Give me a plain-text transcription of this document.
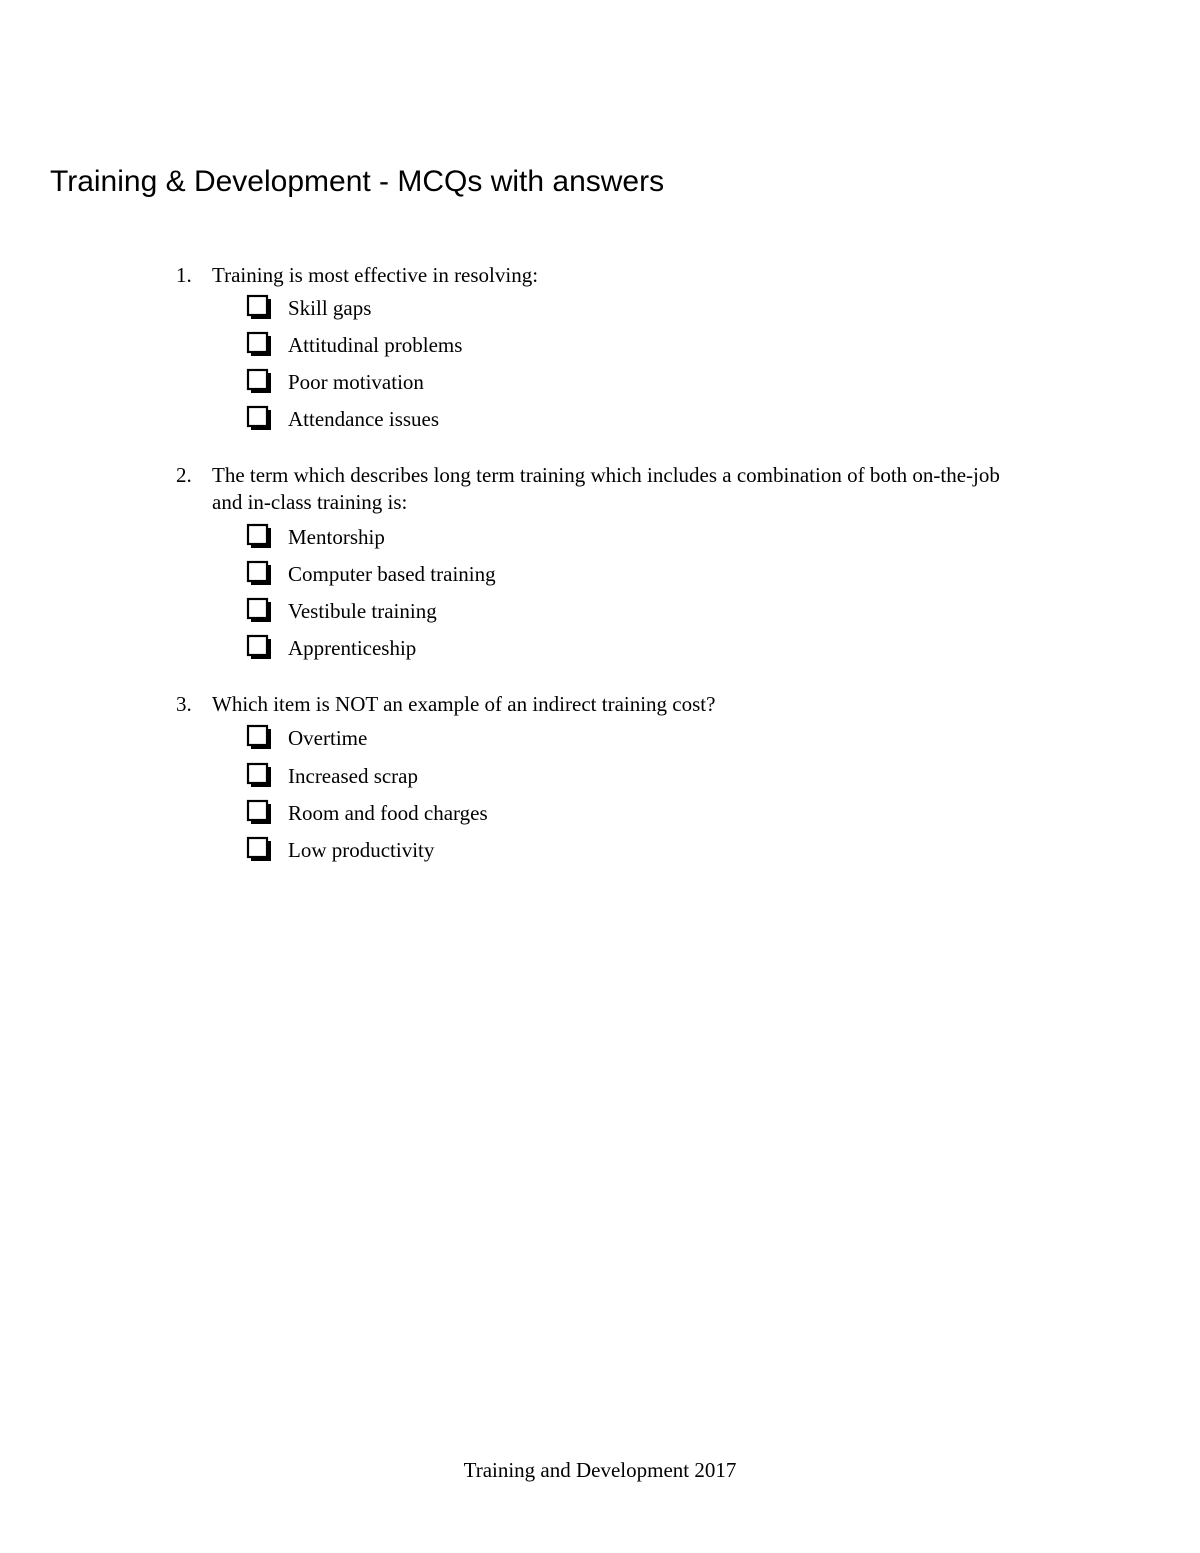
Training & Development - MCQs with answers
1. Training is most effective in resolving:
Skill gaps
Attitudinal problems
Poor motivation
Attendance issues
2. The term which describes long term training which includes a combination of both on-the-job and in-class training is:
Mentorship
Computer based training
Vestibule training
Apprenticeship
3. Which item is NOT an example of an indirect training cost?
Overtime
Increased scrap
Room and food charges
Low productivity
Training and Development 2017
